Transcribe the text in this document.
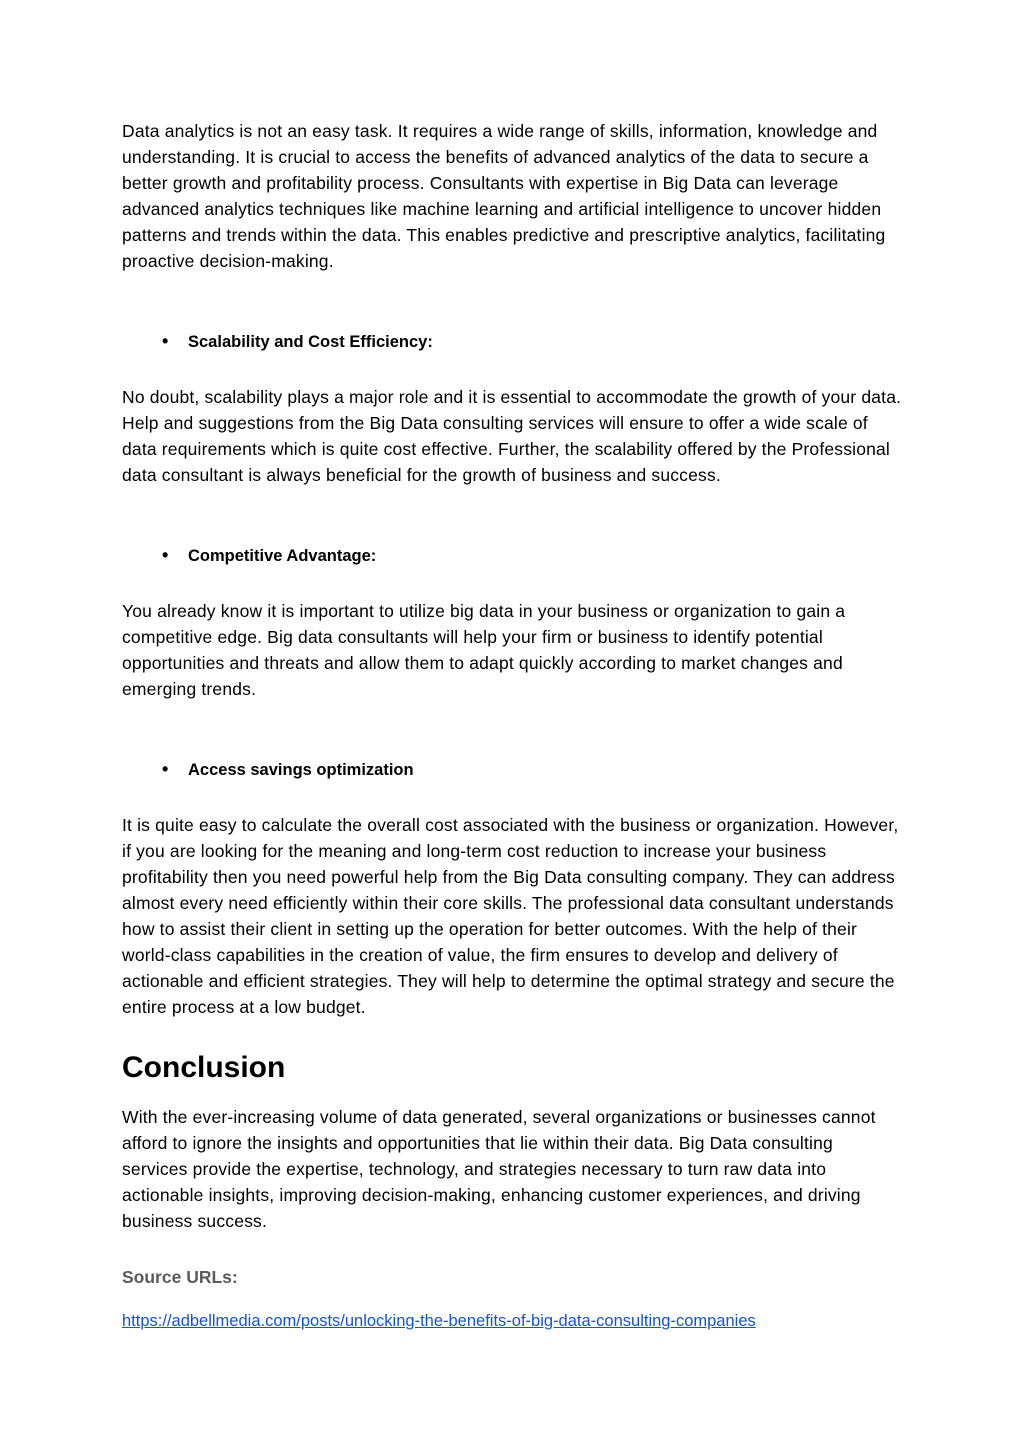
Data analytics is not an easy task. It requires a wide range of skills, information, knowledge and understanding. It is crucial to access the benefits of advanced analytics of the data to secure a better growth and profitability process. Consultants with expertise in Big Data can leverage advanced analytics techniques like machine learning and artificial intelligence to uncover hidden patterns and trends within the data. This enables predictive and prescriptive analytics, facilitating proactive decision-making.

• Scalability and Cost Efficiency:

No doubt, scalability plays a major role and it is essential to accommodate the growth of your data. Help and suggestions from the Big Data consulting services will ensure to offer a wide scale of data requirements which is quite cost effective. Further, the scalability offered by the Professional data consultant is always beneficial for the growth of business and success.

• Competitive Advantage:

You already know it is important to utilize big data in your business or organization to gain a competitive edge. Big data consultants will help your firm or business to identify potential opportunities and threats and allow them to adapt quickly according to market changes and emerging trends.

• Access savings optimization

It is quite easy to calculate the overall cost associated with the business or organization. However, if you are looking for the meaning and long-term cost reduction to increase your business profitability then you need powerful help from the Big Data consulting company. They can address almost every need efficiently within their core skills. The professional data consultant understands how to assist their client in setting up the operation for better outcomes. With the help of their world-class capabilities in the creation of value, the firm ensures to develop and delivery of actionable and efficient strategies. They will help to determine the optimal strategy and secure the entire process at a low budget.

Conclusion

With the ever-increasing volume of data generated, several organizations or businesses cannot afford to ignore the insights and opportunities that lie within their data. Big Data consulting services provide the expertise, technology, and strategies necessary to turn raw data into actionable insights, improving decision-making, enhancing customer experiences, and driving business success.

Source URLs:
https://adbellmedia.com/posts/unlocking-the-benefits-of-big-data-consulting-companies
